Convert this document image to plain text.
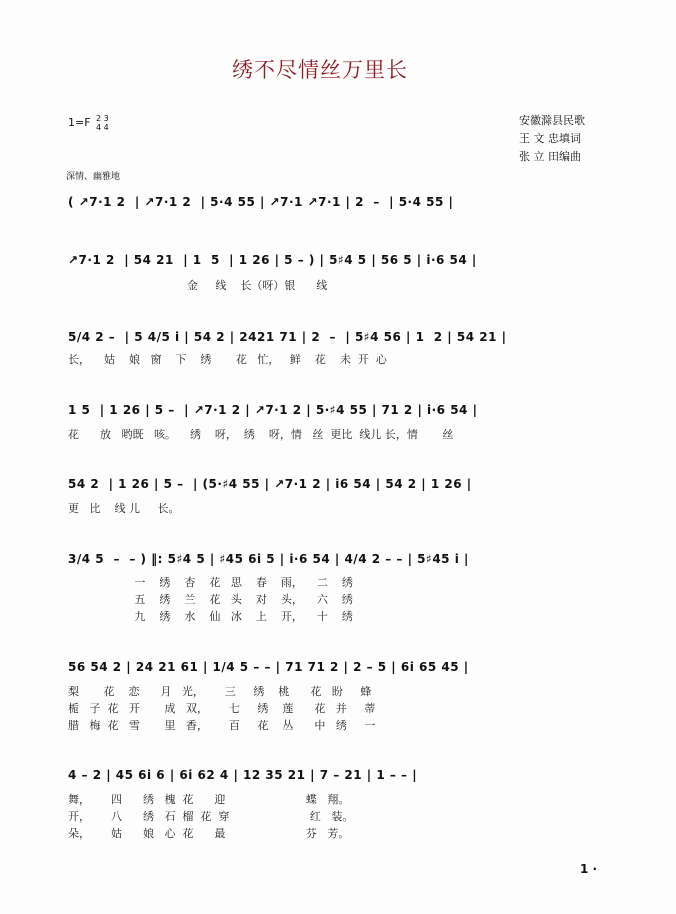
绣不尽情丝万里长
1=F 2 3
4 4
安徽滁县民歌
王 文 忠填词
张 立 田编曲
深情、幽雅地
( ↗7·1 2  | ↗7·1 2  | 5·4 55 | ↗7·1 ↗7·1 | 2  –  | 5·4 55 |
↗7·1 2  | 54 21  | 1  5  | 1 26 | 5 – ) | 5♯4 5 | 56 5 | i·6 54 |
5/4 2 –  | 5 4/5 i | 54 2 | 2421 71 | 2  –  | 5♯4 56 | 1  2 | 54 21 |
1 5  | 1 26 | 5 –  | ↗7·1 2 | ↗7·1 2 | 5·♯4 55 | 71 2 | i·6 54 |
54 2  | 1 26 | 5 –  | (5·♯4 55 | ↗7·1 2 | i6 54 | 54 2 | 1 26 |
3/4 5  –  – ) ‖: 5♯4 5 | ♯45 6i 5 | i·6 54 | 4/4 2 – – | 5♯45 i |
56 54 2 | 24 21 61 | 1/4 5 – – | 71 71 2 | 2 – 5 | 6i 65 45 |
4 – 2 | 45 6i 6 | 6i 62 4 | 12 35 21 | 7 – 21 | 1 – – |
金     线    长（呀）银      线
长，    姑    娘   窗    下    绣       花   忙，   鲜    花    未  开  心
花      放   哟既   咳。    绣    呀，  绣    呀，情   丝  更比  线儿 长，情       丝
更   比    线 儿     长。
一    绣    杏    花   思    春    雨，    二    绣
五    绣    兰    花   头    对    头，    六    绣
九    绣    水    仙   冰    上    开，    十    绣
梨       花    恋      月   光，      三     绣    桃      花   盼     蜂
栀   子  花   开       成   双，      七     绣    莲      花   并     蒂
腊   梅  花   雪       里   香，      百     花    丛      中   绣     一
舞，      四      绣   槐  花      迎                       蝶   翔。
开，      八      绣   石  榴  花  穿                       红   装。
朵，      姑      娘   心  花      最                       芬   芳。
1 ·
